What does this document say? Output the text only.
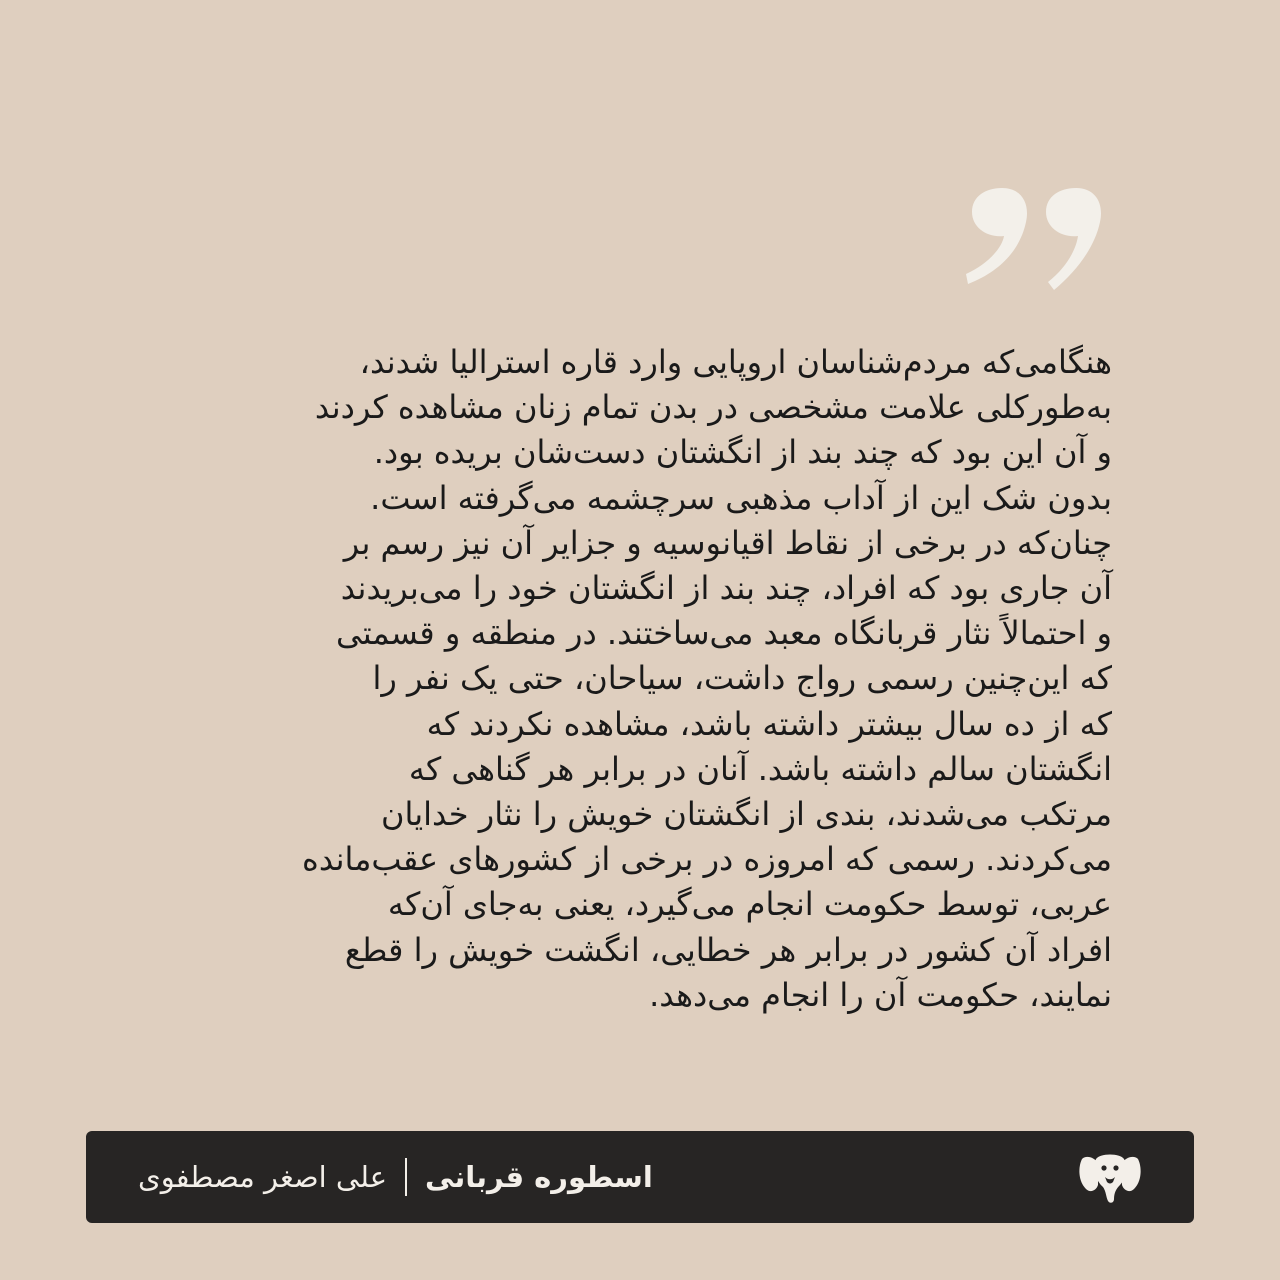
هنگامی‌که مردم‌شناسان اروپایی وارد قاره استرالیا شدند،
به‌طورکلی علامت مشخصی در بدن تمام زنان مشاهده کردند
و آن این بود که چند بند از انگشتان دست‌شان بریده بود.
بدون شک این از آداب مذهبی سرچشمه می‌گرفته است.
چنان‌که در برخی از نقاط اقیانوسیه و جزایر آن نیز رسم بر
آن جاری بود که افراد، چند بند از انگشتان خود را می‌بریدند
و احتمالاً نثار قربانگاه معبد می‌ساختند. در منطقه و قسمتی
که این‌چنین رسمی رواج داشت، سیاحان، حتی یک نفر را
که از ده سال بیشتر داشته باشد، مشاهده نکردند که
انگشتان سالم داشته باشد. آنان در برابر هر گناهی که
مرتکب می‌شدند، بندی از انگشتان خویش را نثار خدایان
می‌کردند. رسمی که امروزه در برخی از کشورهای عقب‌مانده
عربی، توسط حکومت انجام می‌گیرد، یعنی به‌جای آن‌که
افراد آن کشور در برابر هر خطایی، انگشت خویش را قطع
نمایند، حکومت آن را انجام می‌دهد.
اسطوره قربانی
علی اصغر مصطفوی
